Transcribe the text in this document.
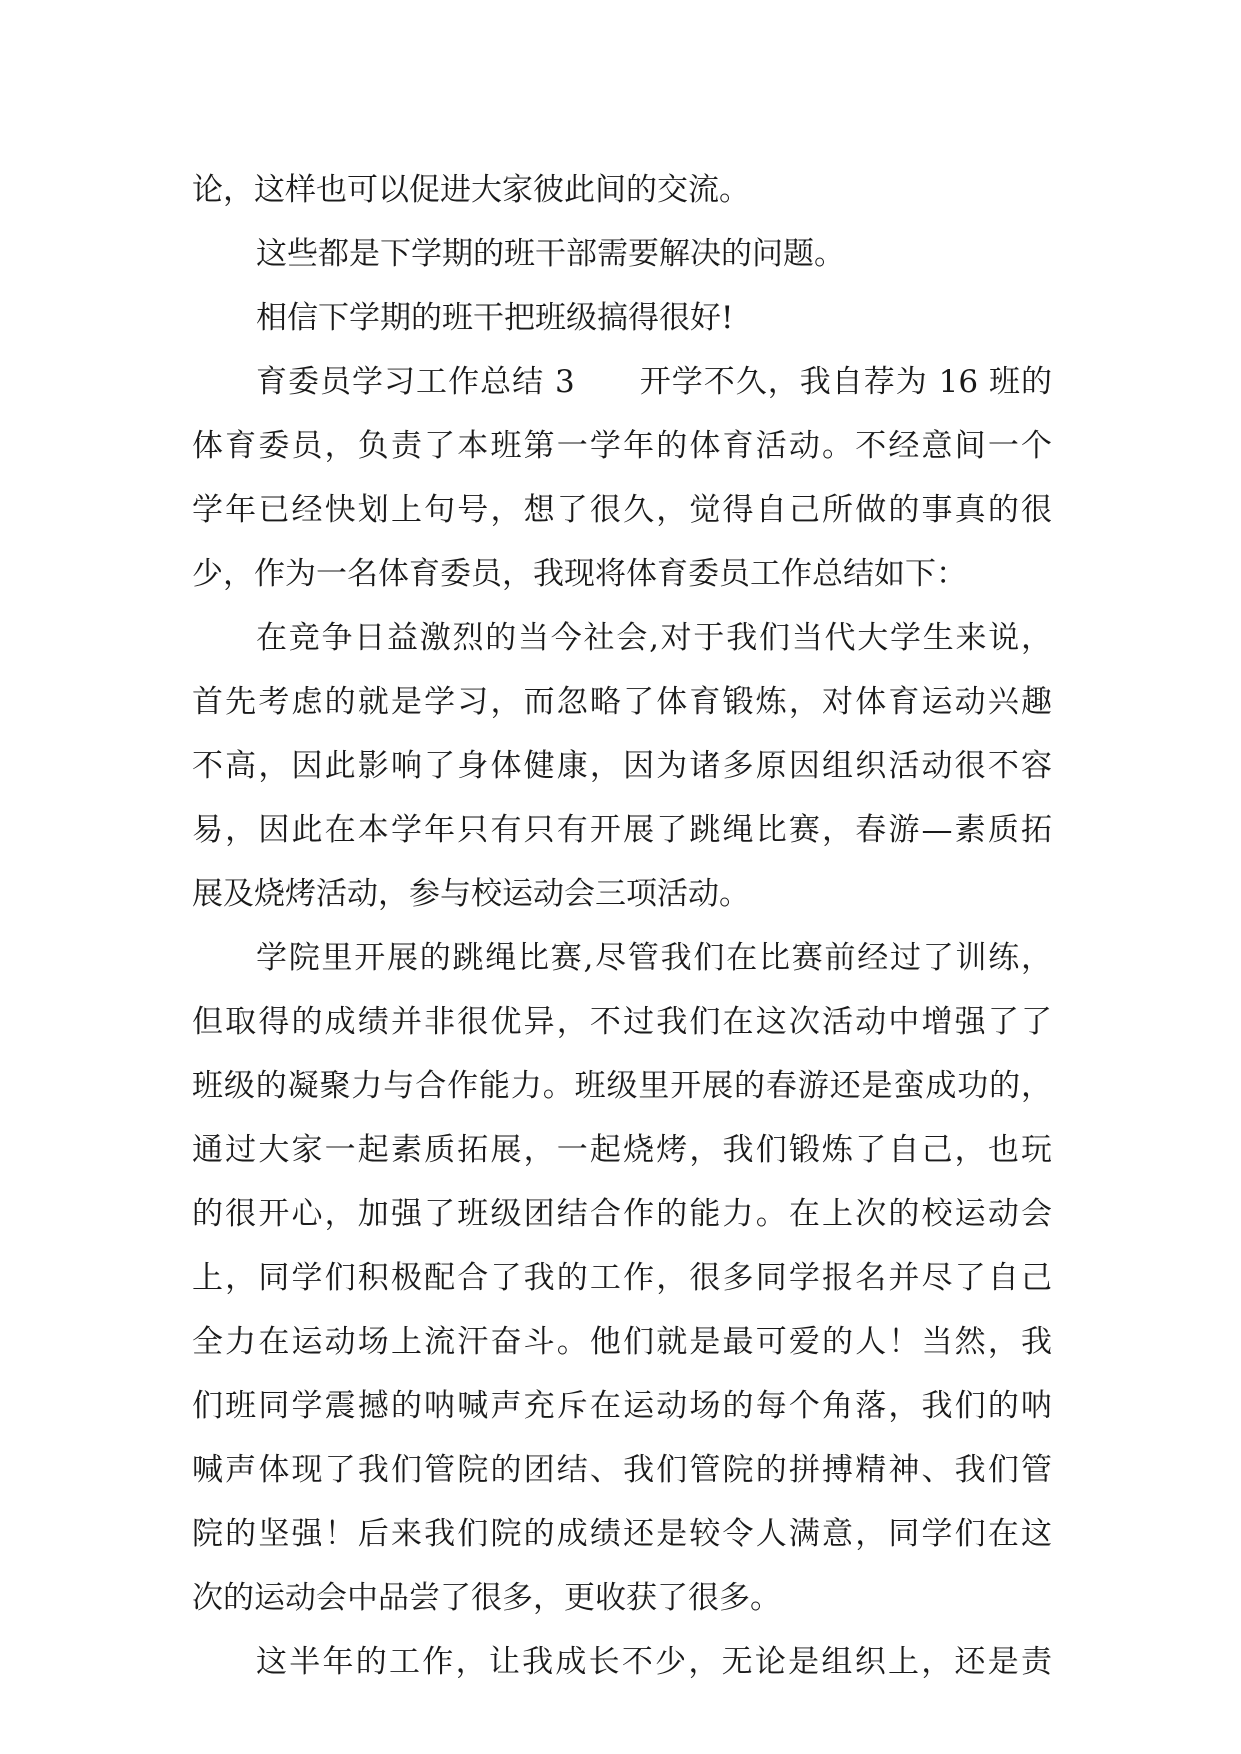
论，这样也可以促进大家彼此间的交流。
这些都是下学期的班干部需要解决的问题。
相信下学期的班干把班级搞得很好!
育委员学习工作总结 3　　开学不久，我自荐为 16 班的
体育委员，负责了本班第一学年的体育活动。不经意间一个
学年已经快划上句号，想了很久，觉得自己所做的事真的很
少，作为一名体育委员，我现将体育委员工作总结如下：
在竞争日益激烈的当今社会,对于我们当代大学生来说，
首先考虑的就是学习，而忽略了体育锻炼，对体育运动兴趣
不高，因此影响了身体健康，因为诸多原因组织活动很不容
易，因此在本学年只有只有开展了跳绳比赛，春游—素质拓
展及烧烤活动，参与校运动会三项活动。
学院里开展的跳绳比赛,尽管我们在比赛前经过了训练，
但取得的成绩并非很优异，不过我们在这次活动中增强了了
班级的凝聚力与合作能力。班级里开展的春游还是蛮成功的，
通过大家一起素质拓展，一起烧烤，我们锻炼了自己，也玩
的很开心，加强了班级团结合作的能力。在上次的校运动会
上，同学们积极配合了我的工作，很多同学报名并尽了自己
全力在运动场上流汗奋斗。他们就是最可爱的人！当然，我
们班同学震撼的呐喊声充斥在运动场的每个角落，我们的呐
喊声体现了我们管院的团结、我们管院的拼搏精神、我们管
院的坚强！后来我们院的成绩还是较令人满意，同学们在这
次的运动会中品尝了很多，更收获了很多。
这半年的工作，让我成长不少，无论是组织上，还是责
